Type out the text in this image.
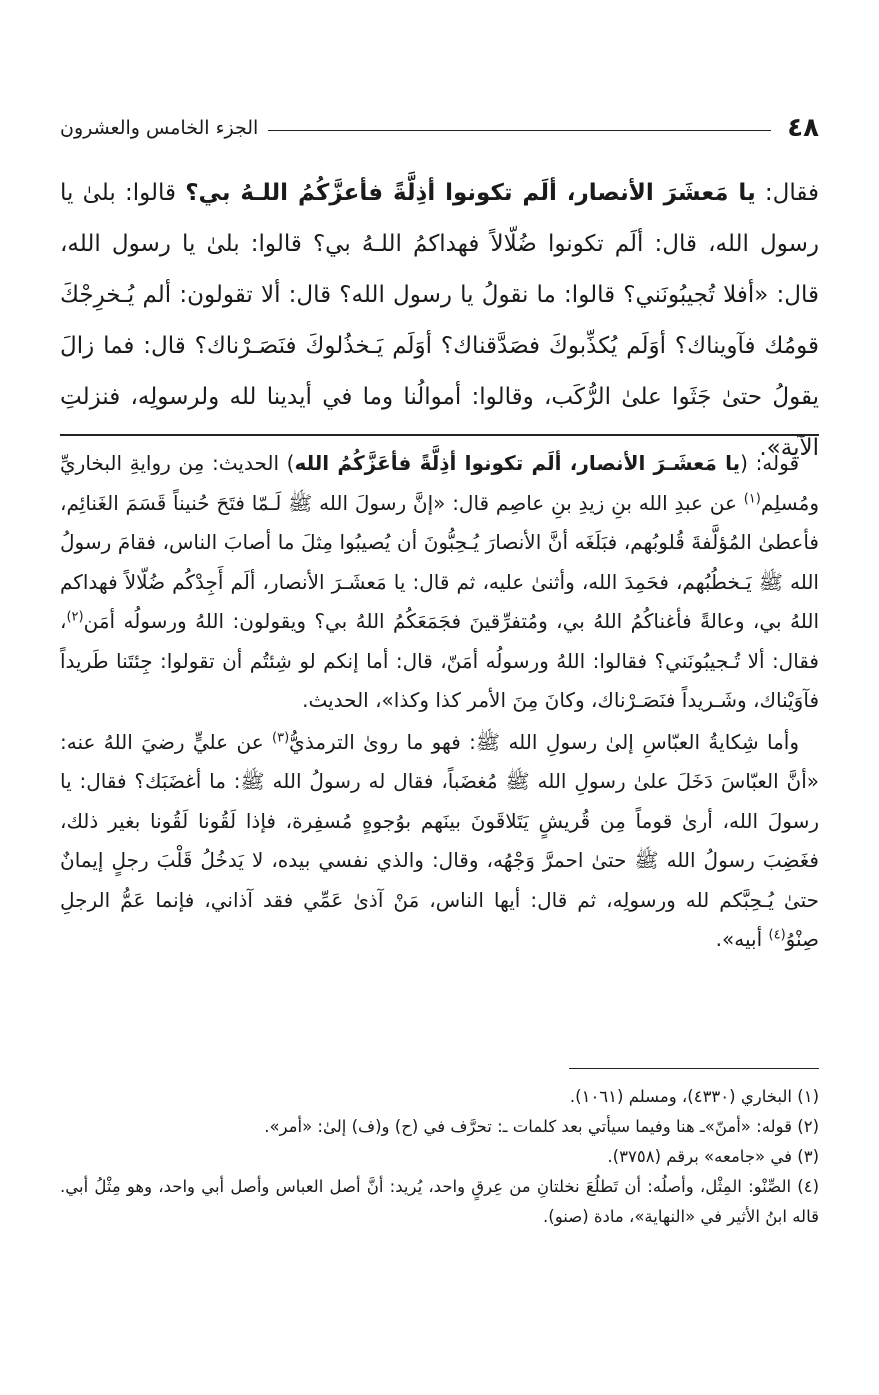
٤٨
الجزء الخامس والعشرون

فقال: يا مَعشَرَ الأنصار، ألَم تكونوا أذِلَّةً فأعزَّكُمُ اللـهُ بي؟ قالوا: بلىٰ يا رسول الله، قال: ألَم تكونوا ضُلّالاً فهداكمُ اللـهُ بي؟ قالوا: بلىٰ يا رسول الله، قال: «أفلا تُجيبُونَني؟ قالوا: ما نقولُ يا رسول الله؟ قال: ألا تقولون: ألم يُـخرِجْكَ قومُك فآويناك؟ أوَلَم يُكذِّبوكَ فصَدَّقناك؟ أوَلَم يَـخذُلوكَ فنَصَـرْناك؟ قال: فما زالَ يقولُ حتىٰ جَثَوا علىٰ الرُّكَب، وقالوا: أموالُنا وما في أيدينا لله ولرسولِه، فنزلتِ الآية».

قوله: (يا مَعشَـرَ الأنصار، ألَم تكونوا أذِلَّةً فأعَزَّكُمُ الله) الحديث: مِن روايةِ البخاريِّ ومُسلِم$^{(١)}$ عن عبدِ الله بنِ زيدِ بنِ عاصِم قال: «إنَّ رسولَ الله ﷺ لَـمّا فتَحَ حُنيناً قَسَمَ الغَنائِم، فأعطىٰ المُؤلَّفةَ قُلوبُهم، فبَلَغَه أنَّ الأنصارَ يُـحِبُّونَ أن يُصيبُوا مِثلَ ما أصابَ الناس، فقامَ رسولُ الله ﷺ يَـخطُبُهم، فحَمِدَ الله، وأثنىٰ عليه، ثم قال: يا مَعشَـرَ الأنصار، ألَم أَجِدْكُم ضُلّالاً فهداكم اللهُ بي، وعالةً فأغناكُمُ اللهُ بي، ومُتفرِّقينَ فجَمَعَكُمُ اللهُ بي؟ ويقولون: اللهُ ورسولُه أمَن$^{(٢)}$، فقال: ألا تُـجيبُونَني؟ فقالوا: اللهُ ورسولُه أمَنّ، قال: أما إنكم لو شِئتُم أن تقولوا: جِئتَنا طَريداً فآوَيْناك، وشَـريداً فنَصَـرْناك، وكانَ مِنَ الأمر كذا وكذا»، الحديث.

وأما شِكايةُ العبّاسِ إلىٰ رسولِ الله ﷺ: فهو ما روىٰ الترمذيُّ$^{(٣)}$ عن عليٍّ رضيَ اللهُ عنه: «أنَّ العبّاسَ دَخَلَ علىٰ رسولِ الله ﷺ مُغضَباً، فقال له رسولُ الله ﷺ: ما أغضَبَك؟ فقال: يا رسولَ الله، أرىٰ قوماً مِن قُريشٍ يَتَلاقَونَ بينَهم بوُجوهٍ مُسفِرة، فإذا لَقُونا لَقُونا بغير ذلك، فغَضِبَ رسولُ الله ﷺ حتىٰ احمرَّ وَجْهُه، وقال: والذي نفسي بيده، لا يَدخُلُ قَلْبَ رجلٍ إيمانٌ حتىٰ يُـحِبَّكم لله ورسولِه، ثم قال: أيها الناس، مَنْ آذىٰ عَمِّي فقد آذاني، فإنما عَمُّ الرجلِ صِنْوُ$^{(٤)}$ أبيه».

(١) البخاري (٤٣٣٠)، ومسلم (١٠٦١).
(٢) قوله: «أمنّ»ـ هنا وفيما سيأتي بعد كلمات ـ: تحرَّف في (ح) و(ف) إلىٰ: «أمر».
(٣) في «جامعه» برقم (٣٧٥٨).
(٤) الصِّنْو: المِثْل، وأصلُه: أن تَطلُعَ نخلتانِ من عِرقٍ واحد، يُريد: أنَّ أصل العباس وأصل أبي واحد، وهو مِثْلُ أبي. قاله ابنُ الأثير في «النهاية»، مادة (صنو).
